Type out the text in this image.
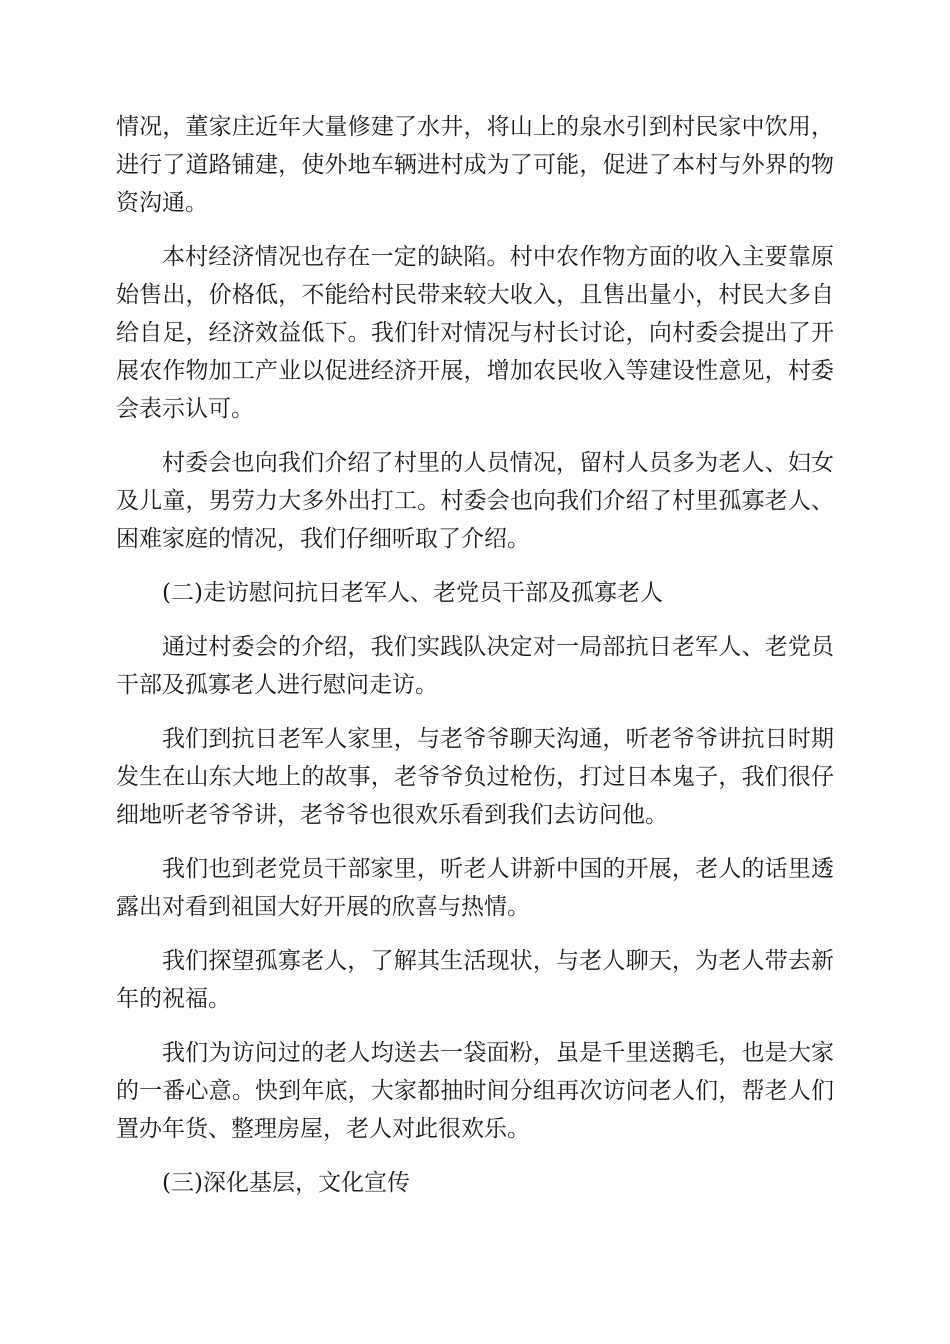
情况，董家庄近年大量修建了水井，将山上的泉水引到村民家中饮用，进行了道路铺建，使外地车辆进村成为了可能，促进了本村与外界的物资沟通。

本村经济情况也存在一定的缺陷。村中农作物方面的收入主要靠原始售出，价格低，不能给村民带来较大收入，且售出量小，村民大多自给自足，经济效益低下。我们针对情况与村长讨论，向村委会提出了开展农作物加工产业以促进经济开展，增加农民收入等建设性意见，村委会表示认可。

村委会也向我们介绍了村里的人员情况，留村人员多为老人、妇女及儿童，男劳力大多外出打工。村委会也向我们介绍了村里孤寡老人、困难家庭的情况，我们仔细听取了介绍。

(二)走访慰问抗日老军人、老党员干部及孤寡老人

通过村委会的介绍，我们实践队决定对一局部抗日老军人、老党员干部及孤寡老人进行慰问走访。

我们到抗日老军人家里，与老爷爷聊天沟通，听老爷爷讲抗日时期发生在山东大地上的故事，老爷爷负过枪伤，打过日本鬼子，我们很仔细地听老爷爷讲，老爷爷也很欢乐看到我们去访问他。

我们也到老党员干部家里，听老人讲新中国的开展，老人的话里透露出对看到祖国大好开展的欣喜与热情。

我们探望孤寡老人，了解其生活现状，与老人聊天，为老人带去新年的祝福。

我们为访问过的老人均送去一袋面粉，虽是千里送鹅毛，也是大家的一番心意。快到年底，大家都抽时间分组再次访问老人们，帮老人们置办年货、整理房屋，老人对此很欢乐。

(三)深化基层，文化宣传
